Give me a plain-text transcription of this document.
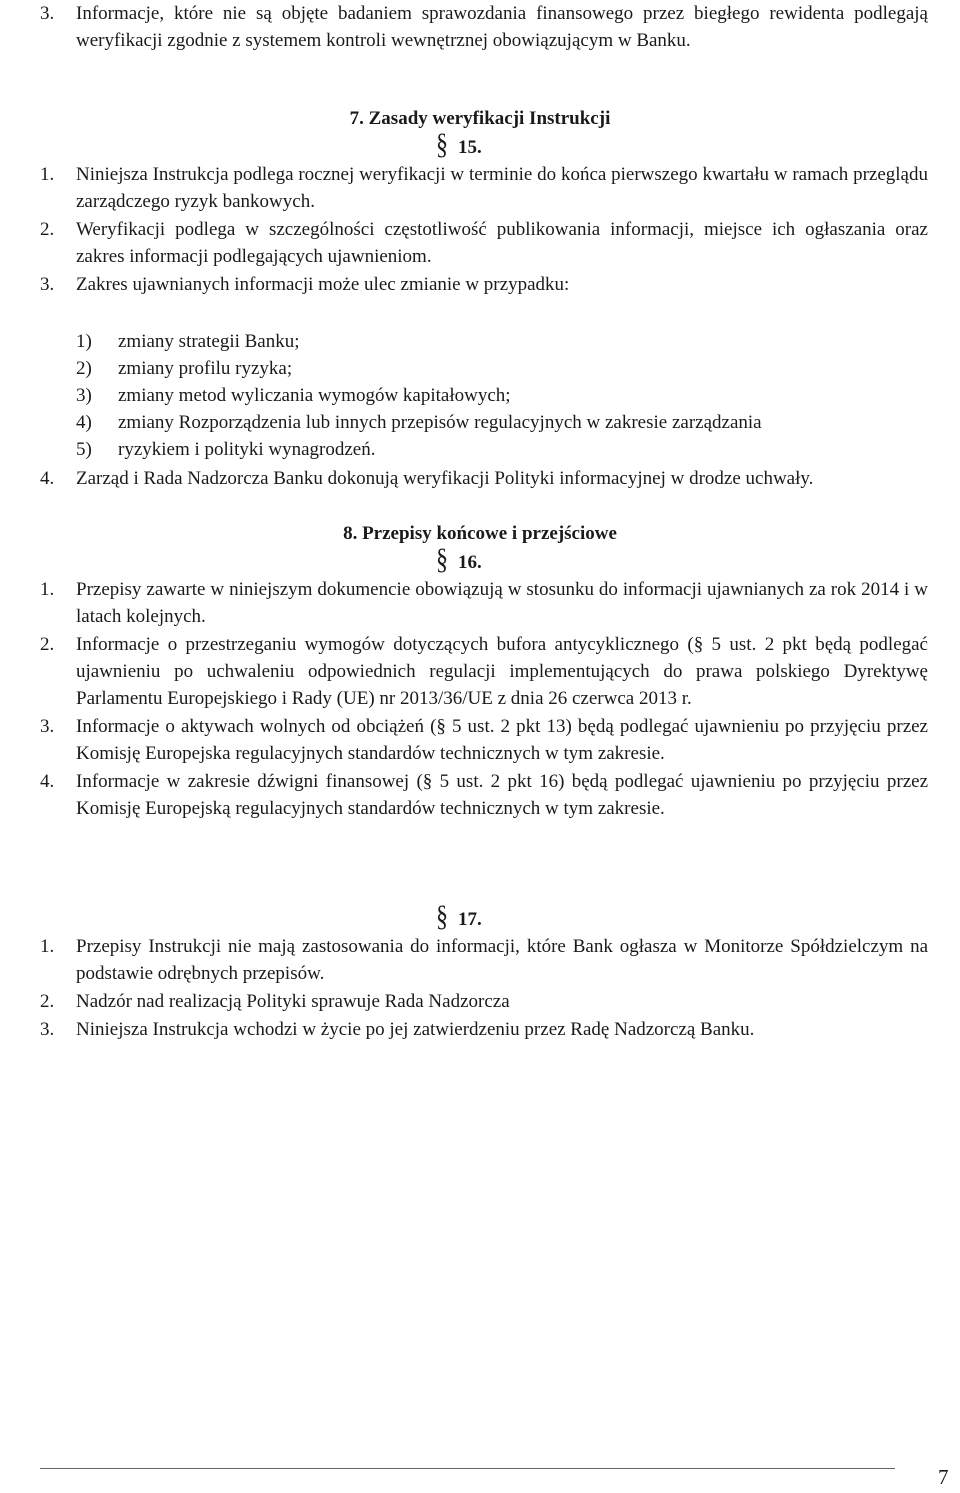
3. Informacje, które nie są objęte badaniem sprawozdania finansowego przez biegłego rewidenta podlegają weryfikacji zgodnie z systemem kontroli wewnętrznej obowiązującym w Banku.
7. Zasady weryfikacji Instrukcji
§ 15.
1. Niniejsza Instrukcja podlega rocznej weryfikacji w terminie do końca pierwszego kwartału w ramach przeglądu zarządczego ryzyk bankowych.
2. Weryfikacji podlega w szczególności częstotliwość publikowania informacji, miejsce ich ogłaszania oraz zakres informacji podlegających ujawnieniom.
3. Zakres ujawnianych informacji może ulec zmianie w przypadku:
1) zmiany strategii Banku;
2) zmiany profilu ryzyka;
3) zmiany metod wyliczania wymogów kapitałowych;
4) zmiany Rozporządzenia lub innych przepisów regulacyjnych w zakresie zarządzania
5) ryzykiem i polityki wynagrodzeń.
4. Zarząd i Rada Nadzorcza Banku dokonują weryfikacji Polityki informacyjnej w drodze uchwały.
8. Przepisy końcowe i przejściowe
§ 16.
1. Przepisy zawarte w niniejszym dokumencie obowiązują w stosunku do informacji ujawnianych za rok 2014 i w latach kolejnych.
2. Informacje o przestrzeganiu wymogów dotyczących bufora antycyklicznego (§ 5 ust. 2 pkt będą podlegać ujawnieniu po uchwaleniu odpowiednich regulacji implementujących do prawa polskiego Dyrektywę Parlamentu Europejskiego i Rady (UE) nr 2013/36/UE z dnia 26 czerwca 2013 r.
3. Informacje o aktywach wolnych od obciążeń (§ 5 ust. 2 pkt 13) będą podlegać ujawnieniu po przyjęciu przez Komisję Europejska regulacyjnych standardów technicznych w tym zakresie.
4. Informacje w zakresie dźwigni finansowej (§ 5 ust. 2 pkt 16) będą podlegać ujawnieniu po przyjęciu przez Komisję Europejską regulacyjnych standardów technicznych w tym zakresie.
§ 17.
1. Przepisy Instrukcji nie mają zastosowania do informacji, które Bank ogłasza w Monitorze Spółdzielczym na podstawie odrębnych przepisów.
2. Nadzór nad realizacją Polityki sprawuje Rada Nadzorcza
3. Niniejsza Instrukcja wchodzi w życie po jej zatwierdzeniu przez Radę Nadzorczą Banku.
7
